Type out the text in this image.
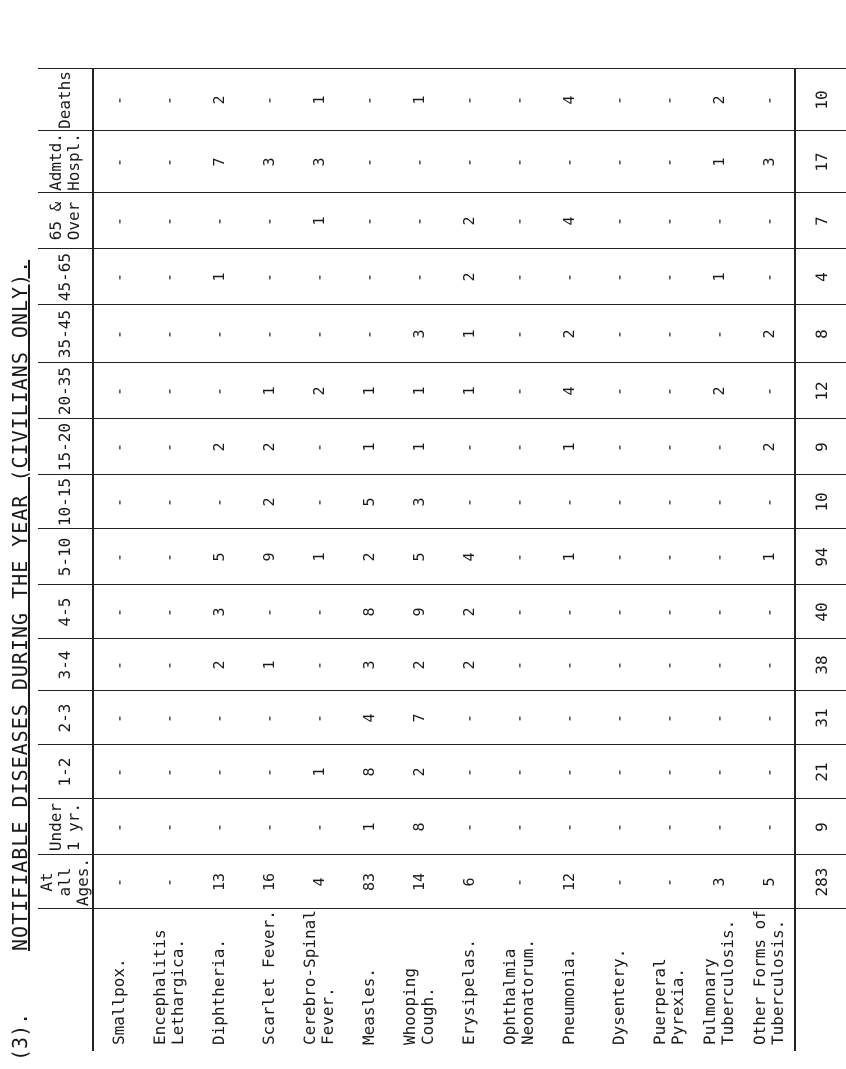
(3).
NOTIFIABLE DISEASES DURING THE YEAR (CIVILIANS ONLY).
	At all Ages.	Under 1 yr.	1-2	2-3	3-4	4-5	5-10	10-15	15-20	20-35	35-45	45-65	65 & Over	Admtd. Hospl.	Deaths
Smallpox.	-	-	-	-	-	-	-	-	-	-	-	-	-	-	-
Encephalitis Lethargica.	-	-	-	-	-	-	-	-	-	-	-	-	-	-	-
Diphtheria.	13	-	-	-	2	3	5	-	2	-	-	1	-	7	2
Scarlet Fever.	16	-	-	-	1	-	9	2	2	1	-	-	-	3	-
Cerebro-Spinal Fever.	4	-	1	-	-	-	1	-	-	2	-	-	1	3	1
Measles.	83	1	8	4	3	8	2	5	1	1	-	-	-	-	-
Whooping Cough.	14	8	2	7	2	9	5	3	1	1	3	-	-	-	1
Erysipelas.	6	-	-	-	2	2	4	-	-	1	1	2	2	-	-
Ophthalmia Neonatorum.	-	-	-	-	-	-	-	-	-	-	-	-	-	-	-
Pneumonia.	12	-	-	-	-	-	1	-	1	4	2	-	4	-	4
Dysentery.	-	-	-	-	-	-	-	-	-	-	-	-	-	-	-
Puerperal Pyrexia.	-	-	-	-	-	-	-	-	-	-	-	-	-	-	-
Pulmonary Tuberculosis.	3	-	-	-	-	-	-	-	-	2	-	1	-	1	2
Other Forms of Tuberculosis.	5	-	-	-	-	-	1	-	2	-	2	-	-	3	-
	283	9	21	31	38	40	94	10	9	12	8	4	7	17	10
